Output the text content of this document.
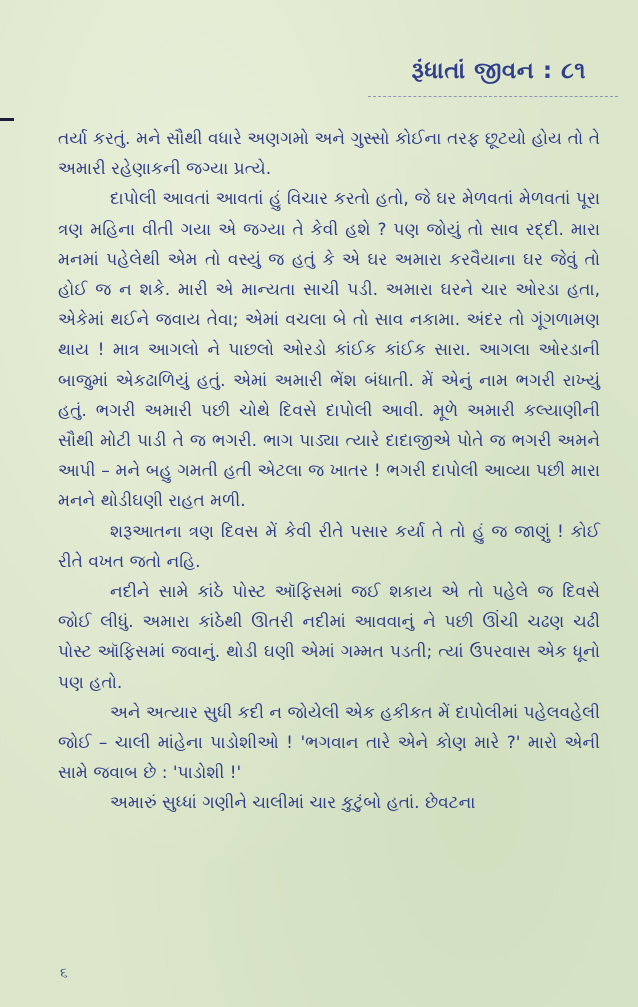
રૂંધાતાં જીવન : ૮૧

તર્યા કરતું. મને સૌથી વધારે અણગમો અને ગુસ્સો કોઈના તરફ છૂટયો હોય તો તે અમારી રહેણાકની જગ્યા પ્રત્યે.

દાપોલી આવતાં આવતાં હું વિચાર કરતો હતો, જે ઘર મેળવતાં મેળવતાં પૂરા ત્રણ મહિના વીતી ગયા એ જગ્યા તે કેવી હશે ? પણ જોયું તો સાવ રદ્દી. મારા મનમાં પહેલેથી એમ તો વસ્યું જ હતું કે એ ઘર અમારા કરવૈયાના ઘર જેવું તો હોઈ જ ન શકે. મારી એ માન્યતા સાચી પડી. અમારા ઘરને ચાર ઓરડા હતા, એકેમાં થઈને જવાય તેવા; એમાં વચલા બે તો સાવ નકામા. અંદર તો ગૂંગળામણ થાય ! માત્ર આગલો ને પાછલો ઓરડો કાંઈક કાંઈક સારા. આગલા ઓરડાની બાજુમાં એકઢાળિયું હતું. એમાં અમારી ભેંશ બંધાતી. મેં એનું નામ ભગરી રાખ્યું હતું. ભગરી અમારી પછી ચોથે દિવસે દાપોલી આવી. મૂળે અમારી કલ્યાણીની સૌથી મોટી પાડી તે જ ભગરી. ભાગ પાડ્યા ત્યારે દાદાજીએ પોતે જ ભગરી અમને આપી – મને બહુ ગમતી હતી એટલા જ ખાતર ! ભગરી દાપોલી આવ્યા પછી મારા મનને થોડીઘણી રાહત મળી.

શરૂઆતના ત્રણ દિવસ મેં કેવી રીતે પસાર કર્યા તે તો હું જ જાણું ! કોઈ રીતે વખત જતો નહિ.

નદીને સામે કાંઠે પોસ્ટ ઑફિસમાં જઈ શકાય એ તો પહેલે જ દિવસે જોઈ લીધું. અમારા કાંઠેથી ઊતરી નદીમાં આવવાનું ને પછી ઊંચી ચઢણ ચઢી પોસ્ટ ઑફિસમાં જવાનું. થોડી ઘણી એમાં ગમ્મત પડતી; ત્યાં ઉપરવાસ એક ધૂનો પણ હતો.

અને અત્યાર સુધી કદી ન જોયેલી એક હકીકત મેં દાપોલીમાં પહેલવહેલી જોઈ – ચાલી માંહેના પાડોશીઓ ! 'ભગવાન તારે એને કોણ મારે ?' મારો એની સામે જવાબ છે : 'પાડોશી !'

અમારું સુધ્ધાં ગણીને ચાલીમાં ચાર કુટુંબો હતાં. છેવટના

૬
